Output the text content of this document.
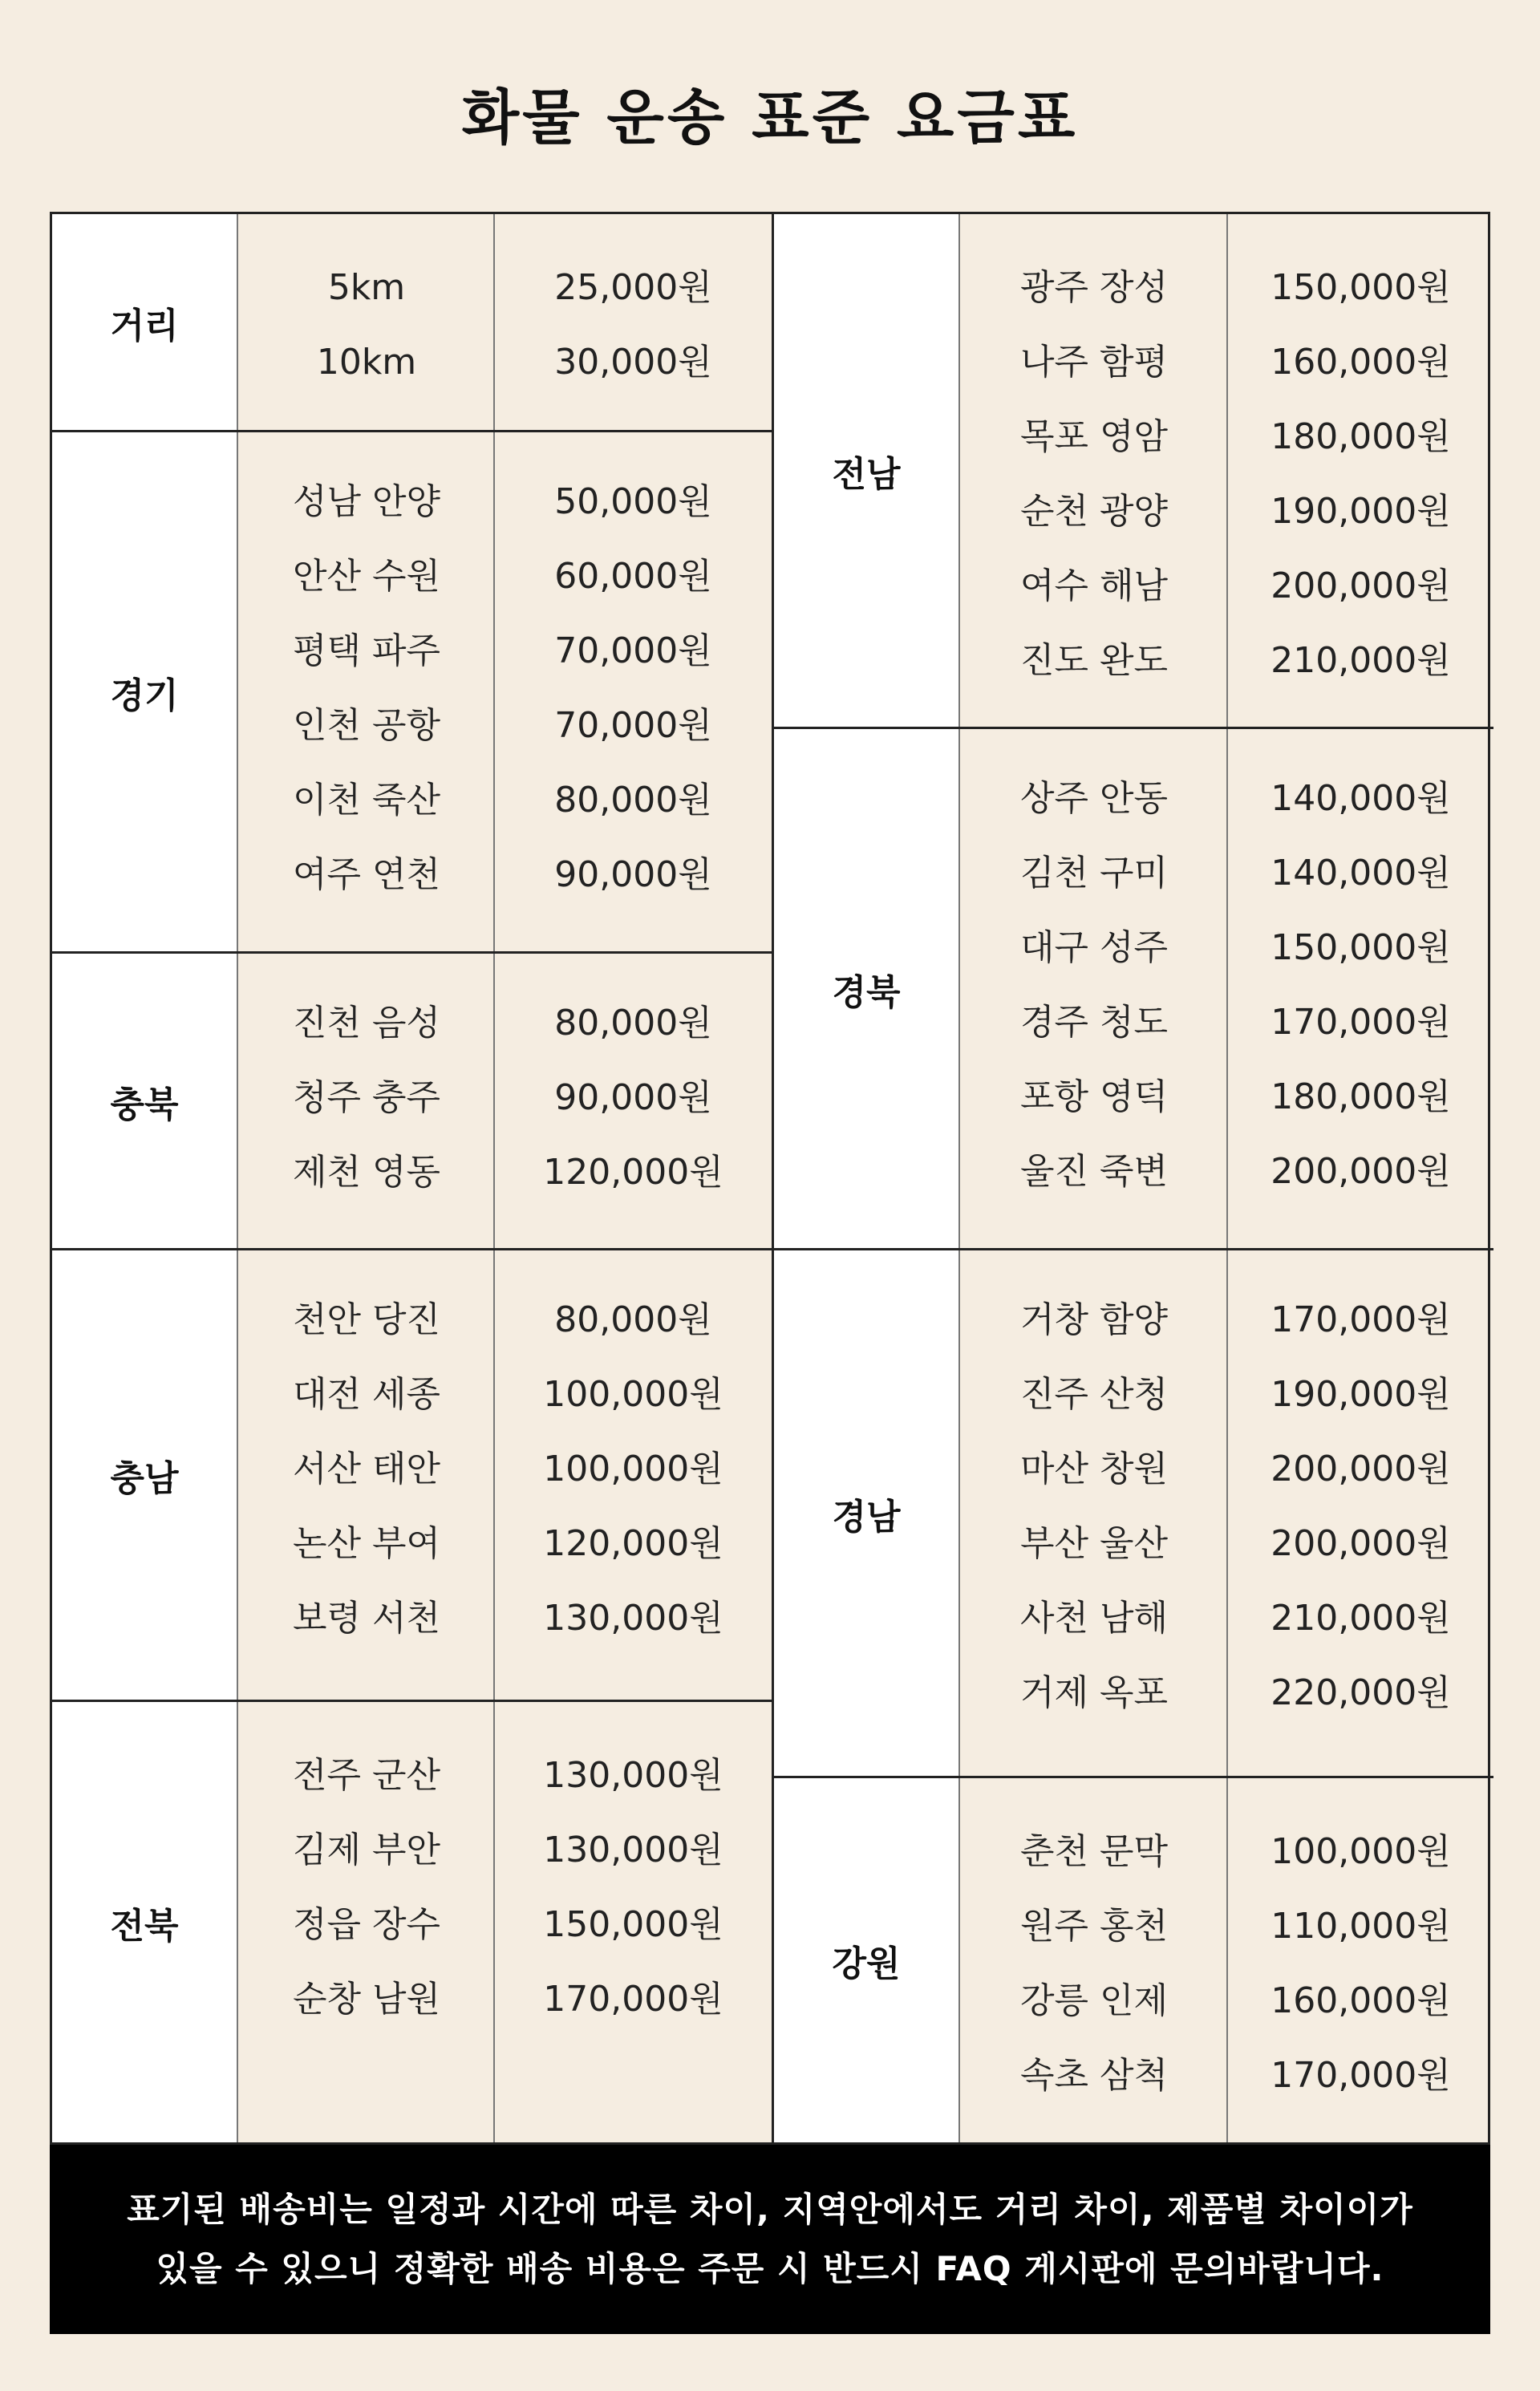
화물 운송 표준 요금표
거리
5km	25,000원
10km	30,000원
경기
성남 안양	50,000원
안산 수원	60,000원
평택 파주	70,000원
인천 공항	70,000원
이천 죽산	80,000원
여주 연천	90,000원
충북
진천 음성	80,000원
청주 충주	90,000원
제천 영동	120,000원
충남
천안 당진	80,000원
대전 세종	100,000원
서산 태안	100,000원
논산 부여	120,000원
보령 서천	130,000원
전북
전주 군산	130,000원
김제 부안	130,000원
정읍 장수	150,000원
순창 남원	170,000원
전남
광주 장성	150,000원
나주 함평	160,000원
목포 영암	180,000원
순천 광양	190,000원
여수 해남	200,000원
진도 완도	210,000원
경북
상주 안동	140,000원
김천 구미	140,000원
대구 성주	150,000원
경주 청도	170,000원
포항 영덕	180,000원
울진 죽변	200,000원
경남
거창 함양	170,000원
진주 산청	190,000원
마산 창원	200,000원
부산 울산	200,000원
사천 남해	210,000원
거제 옥포	220,000원
강원
춘천 문막	100,000원
원주 홍천	110,000원
강릉 인제	160,000원
속초 삼척	170,000원
표기된 배송비는 일정과 시간에 따른 차이, 지역안에서도 거리 차이, 제품별 차이이가
있을 수 있으니 정확한 배송 비용은 주문 시 반드시 FAQ 게시판에 문의바랍니다.
